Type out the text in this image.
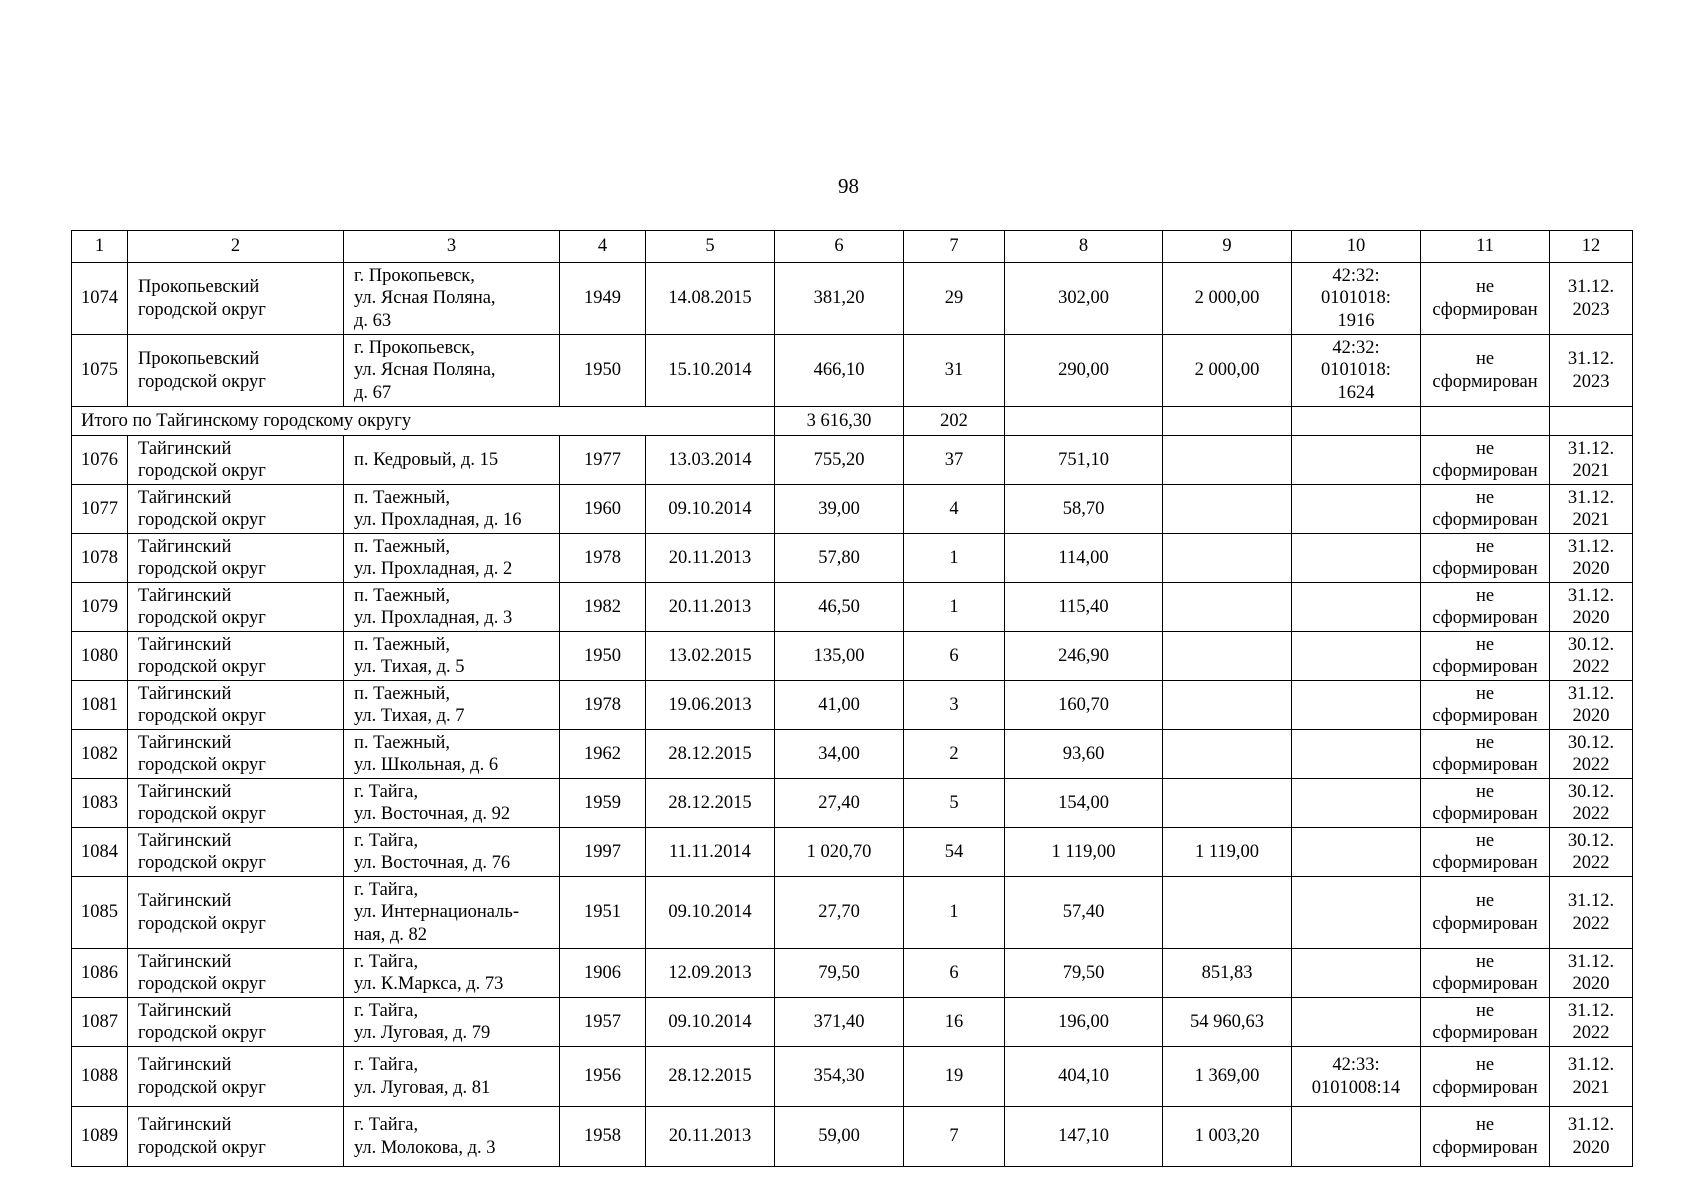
98
1	2	3	4	5	6	7	8	9	10	11	12
1074	Прокопьевский
городской округ	г. Прокопьевск,
ул. Ясная Поляна,
д. 63	1949	14.08.2015	381,20	29	302,00	2 000,00	42:32:
0101018:
1916	не
сформирован	31.12.
2023

1075	Прокопьевский
городской округ	г. Прокопьевск,
ул. Ясная Поляна,
д. 67	1950	15.10.2014	466,10	31	290,00	2 000,00	42:32:
0101018:
1624	не
сформирован	31.12.
2023

Итого по Тайгинскому городскому округу					3 616,30	202					
1076	Тайгинский
городской округ	п. Кедровый, д. 15	1977	13.03.2014	755,20	37	751,10			не
сформирован	31.12.
2021

1077	Тайгинский
городской округ	п. Таежный,
ул. Прохладная, д. 16	1960	09.10.2014	39,00	4	58,70			не
сформирован	31.12.
2021

1078	Тайгинский
городской округ	п. Таежный,
ул. Прохладная, д. 2	1978	20.11.2013	57,80	1	114,00			не
сформирован	31.12.
2020

1079	Тайгинский
городской округ	п. Таежный,
ул. Прохладная, д. 3	1982	20.11.2013	46,50	1	115,40			не
сформирован	31.12.
2020

1080	Тайгинский
городской округ	п. Таежный,
ул. Тихая, д. 5	1950	13.02.2015	135,00	6	246,90			не
сформирован	30.12.
2022

1081	Тайгинский
городской округ	п. Таежный,
ул. Тихая, д. 7	1978	19.06.2013	41,00	3	160,70			не
сформирован	31.12.
2020

1082	Тайгинский
городской округ	п. Таежный,
ул. Школьная, д. 6	1962	28.12.2015	34,00	2	93,60			не
сформирован	30.12.
2022

1083	Тайгинский
городской округ	г. Тайга,
ул. Восточная, д. 92	1959	28.12.2015	27,40	5	154,00			не
сформирован	30.12.
2022

1084	Тайгинский
городской округ	г. Тайга,
ул. Восточная, д. 76	1997	11.11.2014	1 020,70	54	1 119,00	1 119,00		не
сформирован	30.12.
2022

1085	Тайгинский
городской округ	г. Тайга,
ул. Интернациональ-
ная, д. 82	1951	09.10.2014	27,70	1	57,40			не
сформирован	31.12.
2022

1086	Тайгинский
городской округ	г. Тайга,
ул. К.Маркса, д. 73	1906	12.09.2013	79,50	6	79,50	851,83		не
сформирован	31.12.
2020

1087	Тайгинский
городской округ	г. Тайга,
ул. Луговая, д. 79	1957	09.10.2014	371,40	16	196,00	54 960,63		не
сформирован	31.12.
2022

1088	Тайгинский
городской округ	г. Тайга,
ул. Луговая, д. 81	1956	28.12.2015	354,30	19	404,10	1 369,00	42:33:
0101008:14	не
сформирован	31.12.
2021

1089	Тайгинский
городской округ	г. Тайга,
ул. Молокова, д. 3	1958	20.11.2013	59,00	7	147,10	1 003,20		не
сформирован	31.12.
2020
